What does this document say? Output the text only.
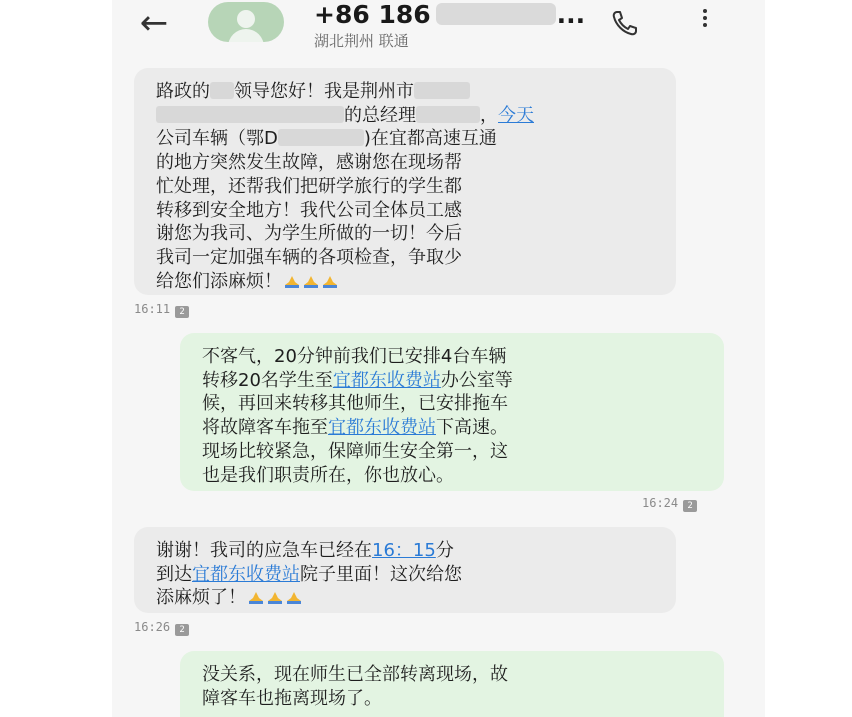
←	+86 186	...
湖北荆州 联通

路政的 领导您好！我是荆州市

的总经理	，今天

公司车辆（鄂D	)在宜都高速互通

的地方突然发生故障，感谢您在现场帮

忙处理，还帮我们把研学旅行的学生都

转移到安全地方！我代公司全体员工感

谢您为我司、为学生所做的一切！今后

我司一定加强车辆的各项检查，争取少

给您们添麻烦！

16:11 2

不客气，20分钟前我们已安排4台车辆

转移20名学生至宜都东收费站办公室等

候，再回来转移其他师生，已安排拖车

将故障客车拖至宜都东收费站下高速。

现场比较紧急，保障师生安全第一，这

也是我们职责所在，你也放心。

16:24 2

谢谢！我司的应急车已经在16：15分

到达宜都东收费站院子里面！这次给您

添麻烦了！

16:26 2

没关系，现在师生已全部转离现场，故

障客车也拖离现场了。
